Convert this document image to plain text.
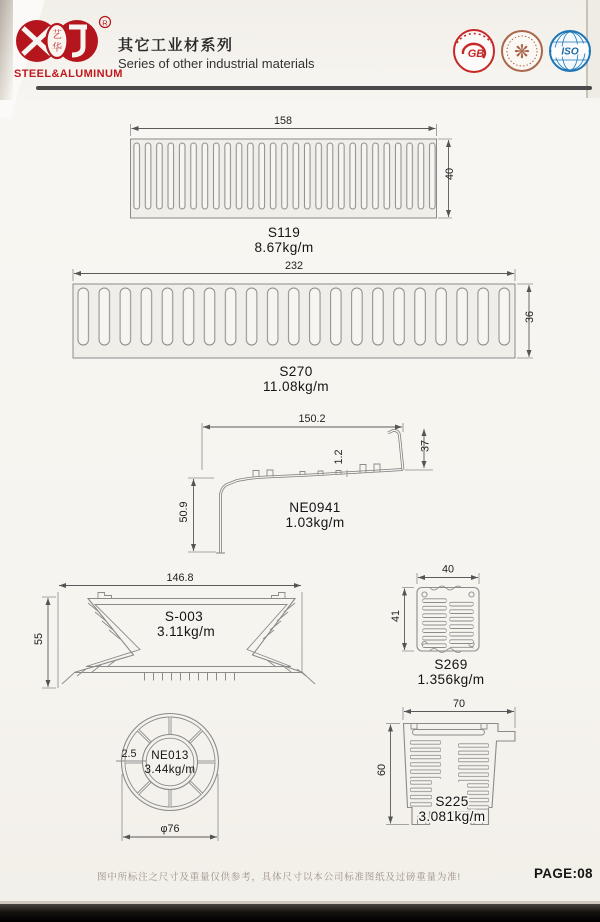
艺
华
R
STEEL&ALUMINUM
其它工业材系列
Series of other industrial materials
GB ❋	ISO
158
40
S119
8.67kg/m
232
36
S270
11.08kg/m
150.2
37
1.2
50.9	NE0941
1.03kg/m
146.8
55
S-003
3.11kg/m
40
41
S269
1.356kg/m
NE013
3.44kg/m
2.5
φ76
70
60
S225
3.081kg/m
图中所标注之尺寸及重量仅供参考，具体尺寸以本公司标准图纸及过磅重量为准!	PAGE:08
